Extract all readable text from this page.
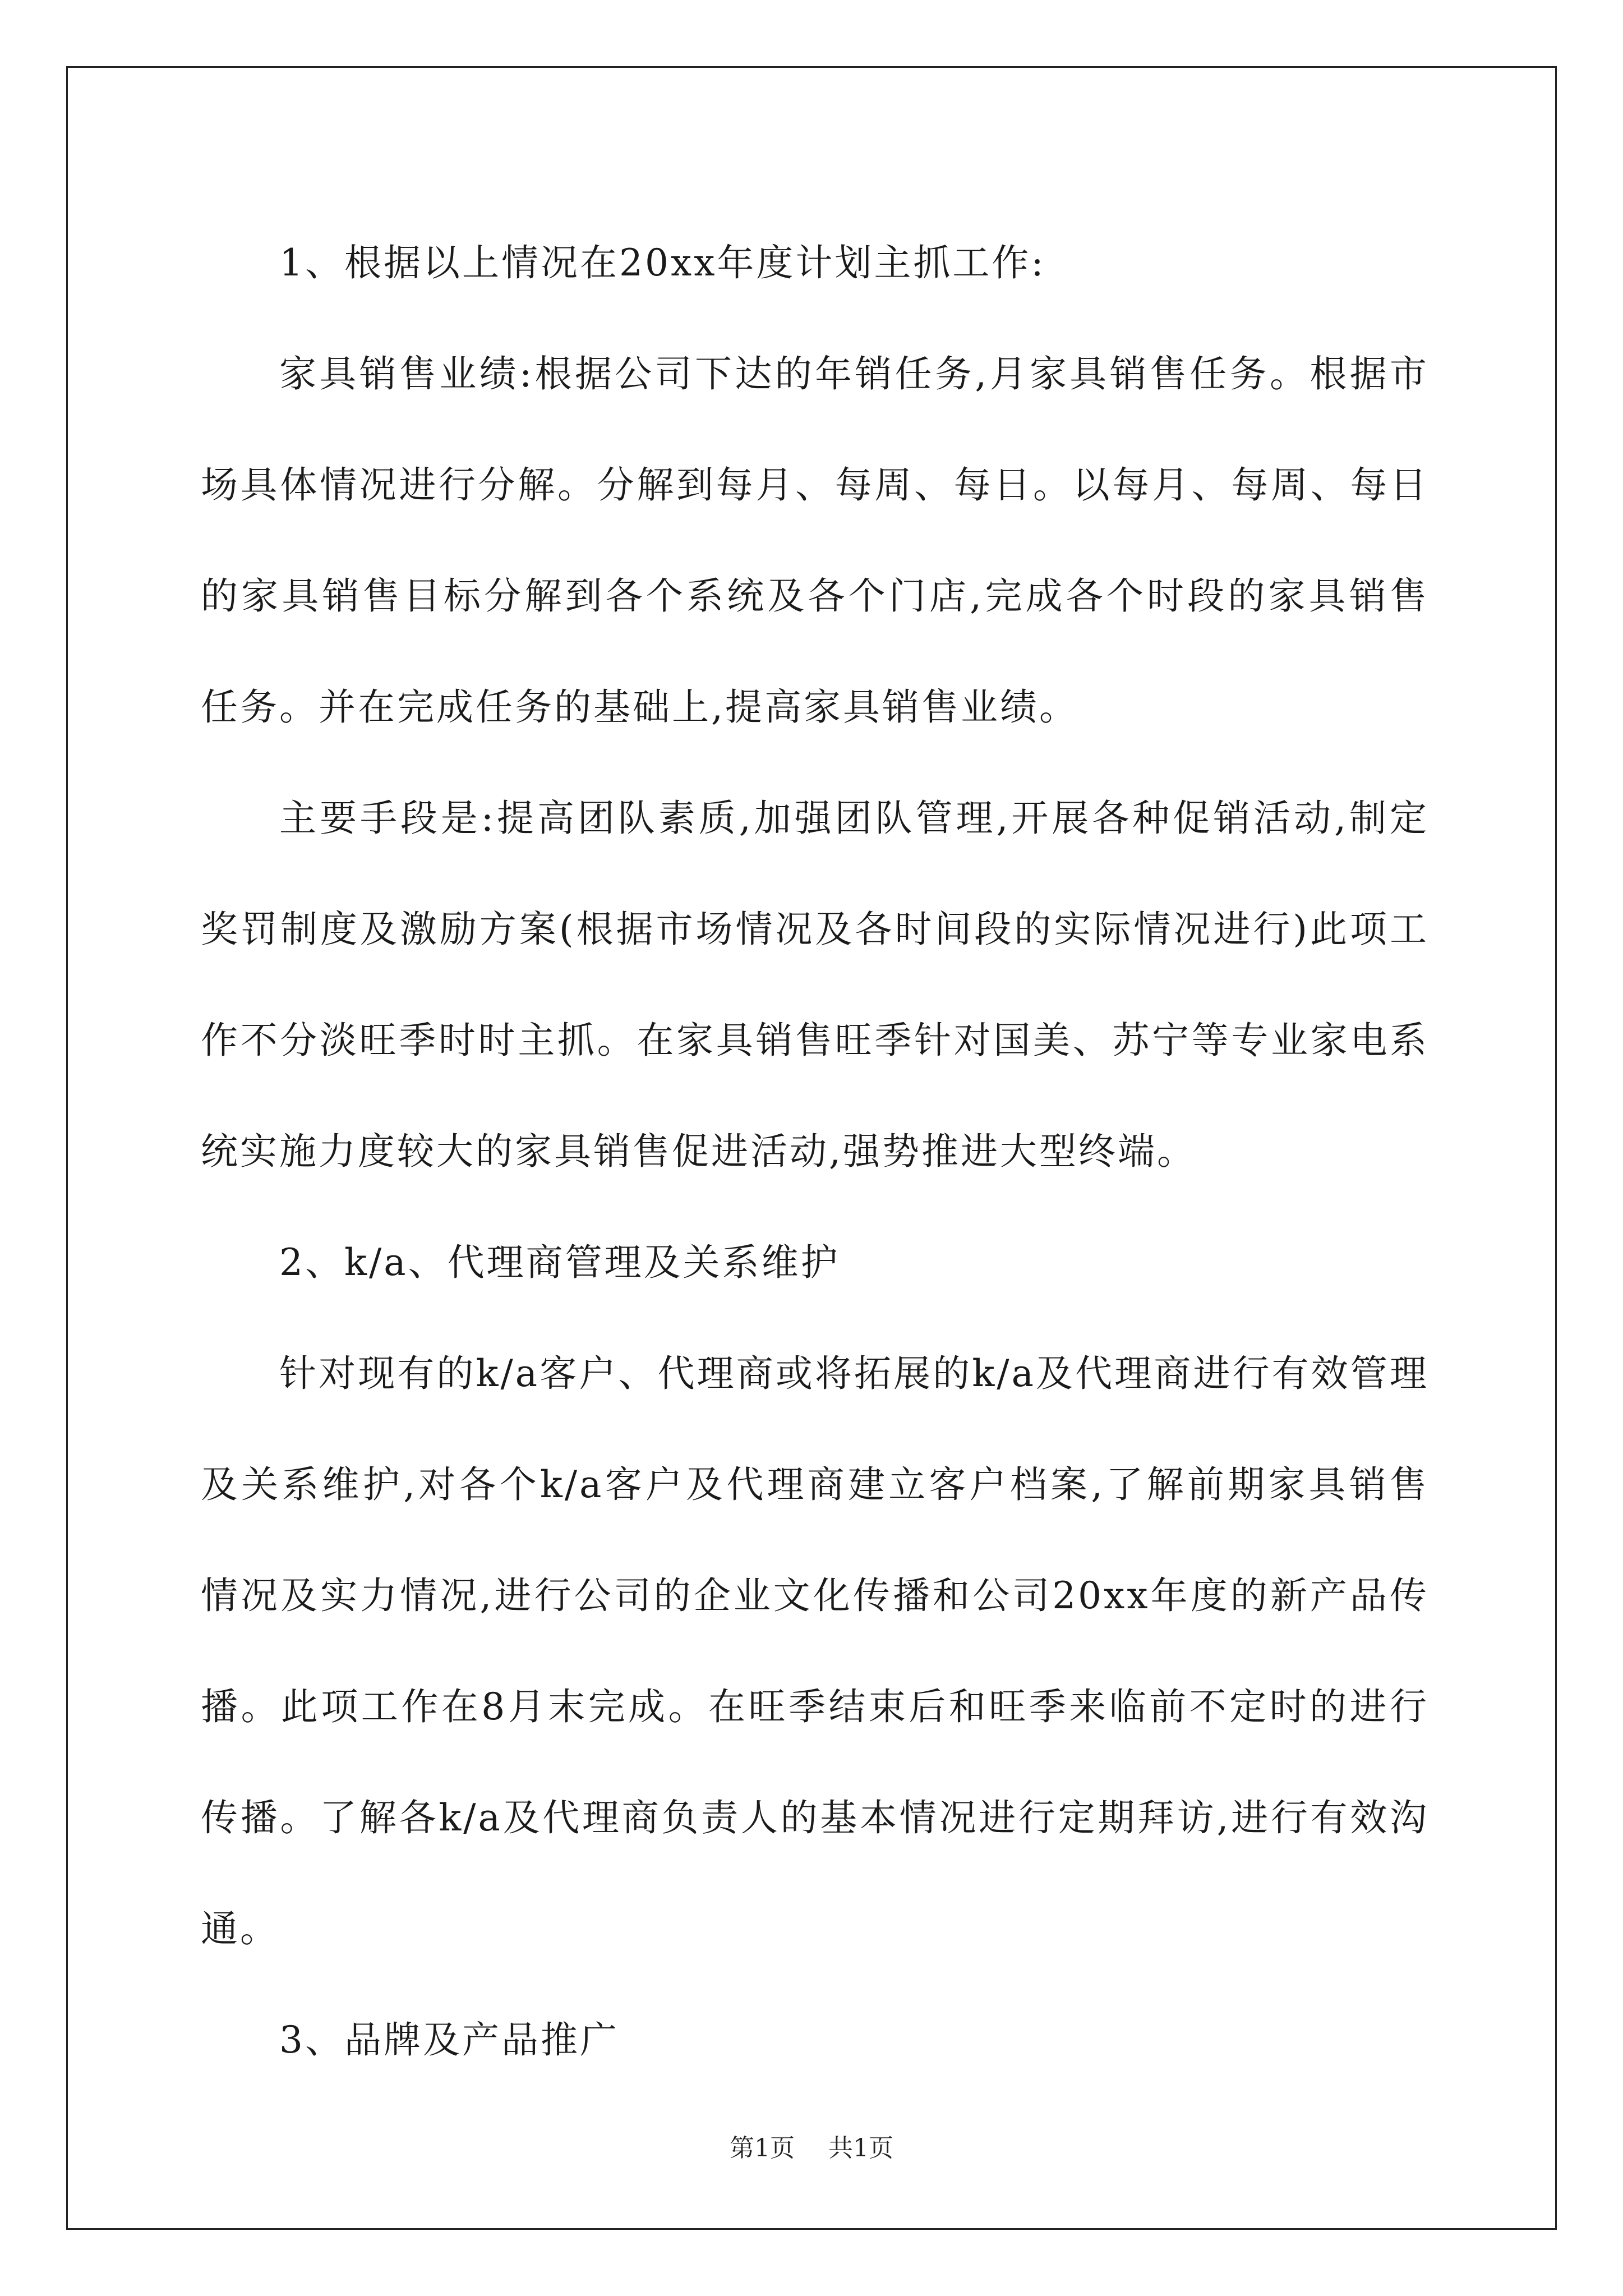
1、根据以上情况在20xx年度计划主抓工作:

家具销售业绩:根据公司下达的年销任务,月家具销售任务。根据市场具体情况进行分解。分解到每月、每周、每日。以每月、每周、每日的家具销售目标分解到各个系统及各个门店,完成各个时段的家具销售任务。并在完成任务的基础上,提高家具销售业绩。

主要手段是:提高团队素质,加强团队管理,开展各种促销活动,制定奖罚制度及激励方案(根据市场情况及各时间段的实际情况进行)此项工作不分淡旺季时时主抓。在家具销售旺季针对国美、苏宁等专业家电系统实施力度较大的家具销售促进活动,强势推进大型终端。

2、k/a、代理商管理及关系维护

针对现有的k/a客户、代理商或将拓展的k/a及代理商进行有效管理及关系维护,对各个k/a客户及代理商建立客户档案,了解前期家具销售情况及实力情况,进行公司的企业文化传播和公司20xx年度的新产品传播。此项工作在8月末完成。在旺季结束后和旺季来临前不定时的进行传播。了解各k/a及代理商负责人的基本情况进行定期拜访,进行有效沟通。

3、品牌及产品推广

第1页 共1页
